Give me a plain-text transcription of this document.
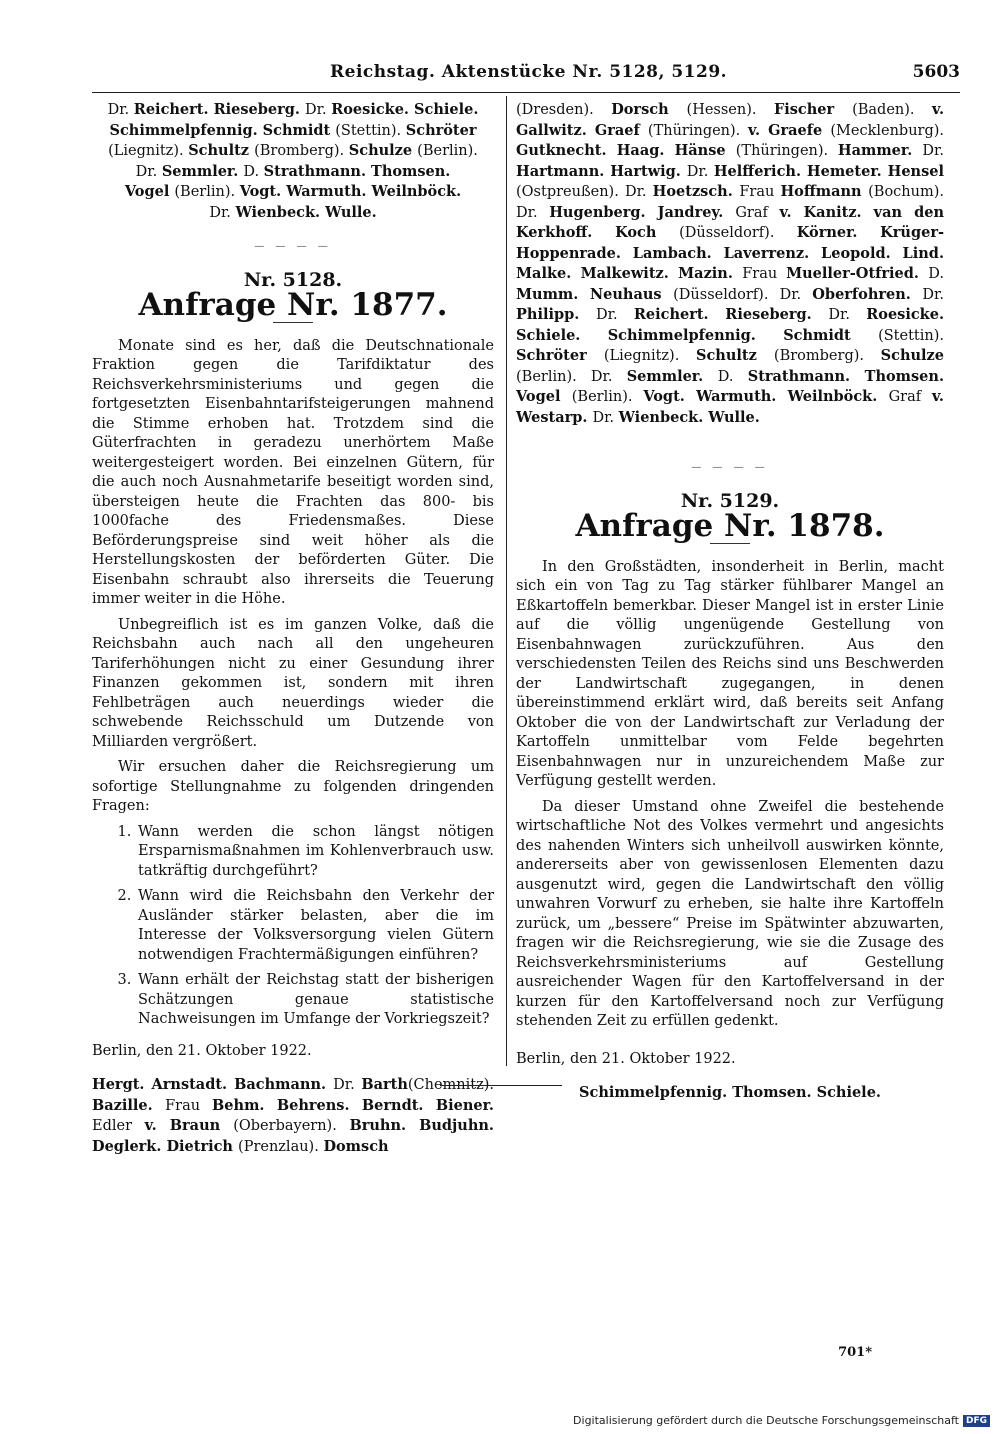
Reichstag. Aktenstücke Nr. 5128, 5129.	5603

Dr. Reichert. Rieseberg. Dr. Roesicke. Schiele.

Schimmelpfennig. Schmidt (Stettin). Schröter

(Liegnitz). Schultz (Bromberg). Schulze (Berlin).

Dr. Semmler. D. Strathmann. Thomsen.

Vogel (Berlin). Vogt. Warmuth. Weilnböck.

Dr. Wienbeck. Wulle.

— — — —
Nr. 5128.
Anfrage Nr. 1877.

Monate sind es her, daß die Deutschnationale Fraktion gegen die Tarifdiktatur des Reichsverkehrsministeriums und gegen die fortgesetzten Eisenbahntarifsteigerungen mahnend die Stimme erhoben hat. Trotzdem sind die Güterfrachten in geradezu unerhörtem Maße weitergesteigert worden. Bei einzelnen Gütern, für die auch noch Ausnahmetarife beseitigt worden sind, übersteigen heute die Frachten das 800- bis 1000fache des Friedensmaßes. Diese Beförderungspreise sind weit höher als die Herstellungskosten der beförderten Güter. Die Eisenbahn schraubt also ihrerseits die Teuerung immer weiter in die Höhe.

Unbegreiflich ist es im ganzen Volke, daß die Reichsbahn auch nach all den ungeheuren Tariferhöhungen nicht zu einer Gesundung ihrer Finanzen gekommen ist, sondern mit ihren Fehlbeträgen auch neuerdings wieder die schwebende Reichsschuld um Dutzende von Milliarden vergrößert.

Wir ersuchen daher die Reichsregierung um sofortige Stellungnahme zu folgenden dringenden Fragen:

1. Wann werden die schon längst nötigen Ersparnismaßnahmen im Kohlenverbrauch usw. tatkräftig durchgeführt?
2. Wann wird die Reichsbahn den Verkehr der Ausländer stärker belasten, aber die im Interesse der Volksversorgung vielen Gütern notwendigen Frachtermäßigungen einführen?
3. Wann erhält der Reichstag statt der bisherigen Schätzungen genaue statistische Nachweisungen im Umfange der Vorkriegszeit?

Berlin, den 21. Oktober 1922.

Hergt. Arnstadt. Bachmann. Dr. Barth(Chemnitz). Bazille. Frau Behm. Behrens. Berndt. Biener. Edler v. Braun (Oberbayern). Bruhn. Budjuhn. Deglerk. Dietrich (Prenzlau). Domsch

(Dresden). Dorsch (Hessen). Fischer (Baden). v. Gallwitz. Graef (Thüringen). v. Graefe (Mecklenburg). Gutknecht. Haag. Hänse (Thüringen). Hammer. Dr. Hartmann. Hartwig. Dr. Helfferich. Hemeter. Hensel (Ostpreußen). Dr. Hoetzsch. Frau Hoffmann (Bochum). Dr. Hugenberg. Jandrey. Graf v. Kanitz. van den Kerkhoff. Koch (Düsseldorf). Körner. Krüger-Hoppenrade. Lambach. Laverrenz. Leopold. Lind. Malke. Malkewitz. Mazin. Frau Mueller-Otfried. D. Mumm. Neuhaus (Düsseldorf). Dr. Oberfohren. Dr. Philipp. Dr. Reichert. Rieseberg. Dr. Roesicke. Schiele. Schimmelpfennig. Schmidt (Stettin). Schröter (Liegnitz). Schultz (Bromberg). Schulze (Berlin). Dr. Semmler. D. Strathmann. Thomsen. Vogel (Berlin). Vogt. Warmuth. Weilnböck. Graf v. Westarp. Dr. Wienbeck. Wulle.

— — — —
Nr. 5129.
Anfrage Nr. 1878.

In den Großstädten, insonderheit in Berlin, macht sich ein von Tag zu Tag stärker fühlbarer Mangel an Eßkartoffeln bemerkbar. Dieser Mangel ist in erster Linie auf die völlig ungenügende Gestellung von Eisenbahnwagen zurückzuführen. Aus den verschiedensten Teilen des Reichs sind uns Beschwerden der Landwirtschaft zugegangen, in denen übereinstimmend erklärt wird, daß bereits seit Anfang Oktober die von der Landwirtschaft zur Verladung der Kartoffeln unmittelbar vom Felde begehrten Eisenbahnwagen nur in unzureichendem Maße zur Verfügung gestellt werden.

Da dieser Umstand ohne Zweifel die bestehende wirtschaftliche Not des Volkes vermehrt und angesichts des nahenden Winters sich unheilvoll auswirken könnte, andererseits aber von gewissenlosen Elementen dazu ausgenutzt wird, gegen die Landwirtschaft den völlig unwahren Vorwurf zu erheben, sie halte ihre Kartoffeln zurück, um „bessere“ Preise im Spätwinter abzuwarten, fragen wir die Reichsregierung, wie sie die Zusage des Reichsverkehrsministeriums auf Gestellung ausreichender Wagen für den Kartoffelversand in der kurzen für den Kartoffelversand noch zur Verfügung stehenden Zeit zu erfüllen gedenkt.

Berlin, den 21. Oktober 1922.

Schimmelpfennig. Thomsen. Schiele.
701*
Digitalisierung gefördert durch die Deutsche Forschungsgemeinschaft DFG
